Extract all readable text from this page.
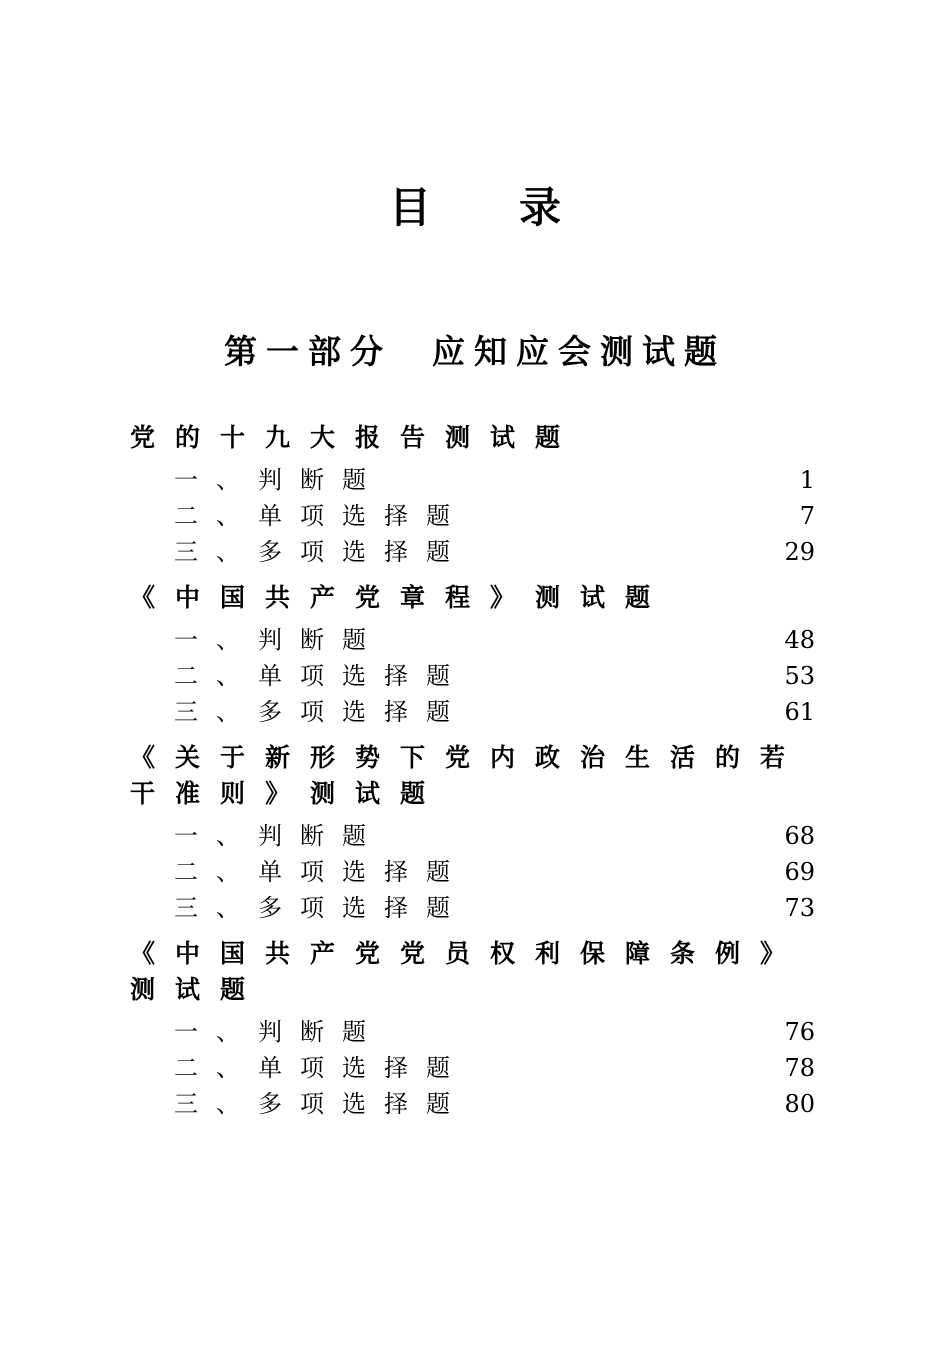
目录
第一部分 应知应会测试题
党的十九大报告测试题
一、判断题	1
二、单项选择题	7
三、多项选择题	29
《中国共产党章程》测试题
一、判断题	48
二、单项选择题	53
三、多项选择题	61
《关于新形势下党内政治生活的若干准则》测试题
一、判断题	68
二、单项选择题	69
三、多项选择题	73
《中国共产党党员权利保障条例》测试题
一、判断题	76
二、单项选择题	78
三、多项选择题	80
